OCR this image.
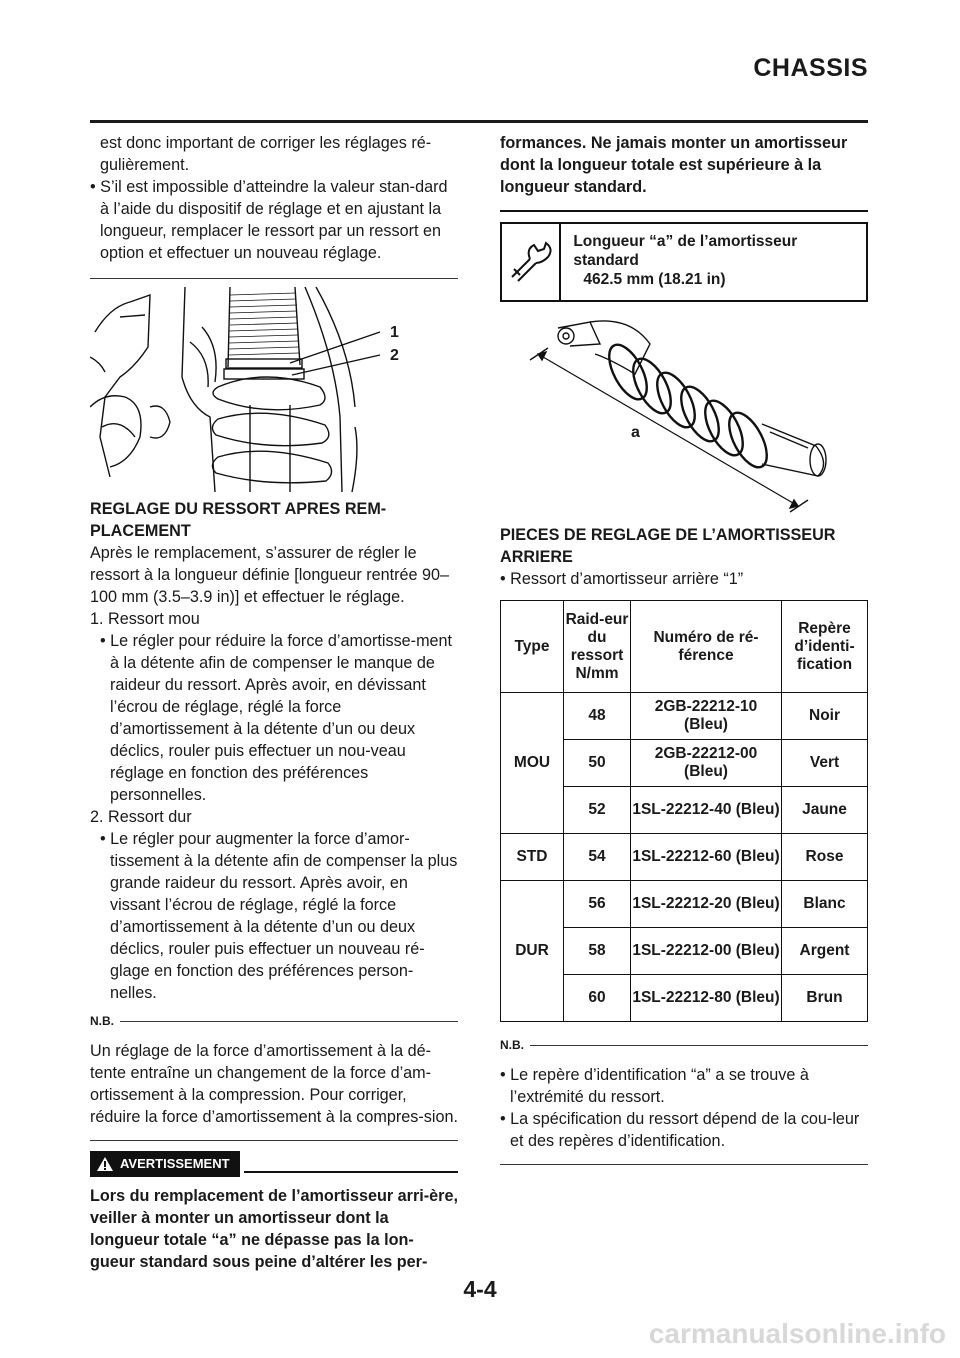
CHASSIS

est donc important de corriger les réglages ré-gulièrement.

• S’il est impossible d’atteindre la valeur stan-dard à l’aide du dispositif de réglage et en ajustant la longueur, remplacer le ressort par un ressort en option et effectuer un nouveau réglage.

1
2

REGLAGE DU RESSORT APRES REM-PLACEMENT

Après le remplacement, s’assurer de régler le ressort à la longueur définie [longueur rentrée 90–100 mm (3.5–3.9 in)] et effectuer le réglage.

1. Ressort mou

• Le régler pour réduire la force d’amortisse-ment à la détente afin de compenser le manque de raideur du ressort. Après avoir, en dévissant l’écrou de réglage, réglé la force d’amortissement à la détente d’un ou deux déclics, rouler puis effectuer un nou-veau réglage en fonction des préférences personnelles.

2. Ressort dur

• Le régler pour augmenter la force d’amor-tissement à la détente afin de compenser la plus grande raideur du ressort. Après avoir, en vissant l’écrou de réglage, réglé la force d’amortissement à la détente d’un ou deux déclics, rouler puis effectuer un nouveau ré-glage en fonction des préférences person-nelles.

N.B.

Un réglage de la force d’amortissement à la dé-tente entraîne un changement de la force d’am-ortissement à la compression. Pour corriger, réduire la force d’amortissement à la compres-sion.

AVERTISSEMENT

Lors du remplacement de l’amortisseur arri-ère, veiller à monter un amortisseur dont la longueur totale “a” ne dépasse pas la lon-gueur standard sous peine d’altérer les per-

formances. Ne jamais monter un amortisseur dont la longueur totale est supérieure à la longueur standard.

Longueur “a” de l’amortisseur standard
462.5 mm (18.21 in)
a

PIECES DE REGLAGE DE L’AMORTISSEUR ARRIERE

• Ressort d’amortisseur arrière “1”

Type	Raid-eur du ressort N/mm	Numéro de ré-férence	Repère d’identi-fication
MOU	48	2GB-22212-10 (Bleu)	Noir
	50	2GB-22212-00 (Bleu)	Vert
	52	1SL-22212-40 (Bleu)	Jaune
STD	54	1SL-22212-60 (Bleu)	Rose
DUR	56	1SL-22212-20 (Bleu)	Blanc
	58	1SL-22212-00 (Bleu)	Argent
	60	1SL-22212-80 (Bleu)	Brun
N.B.

• Le repère d’identification “a” a se trouve à l’extrémité du ressort.

• La spécification du ressort dépend de la cou-leur et des repères d’identification.

4-4
carmanualsonline.info
